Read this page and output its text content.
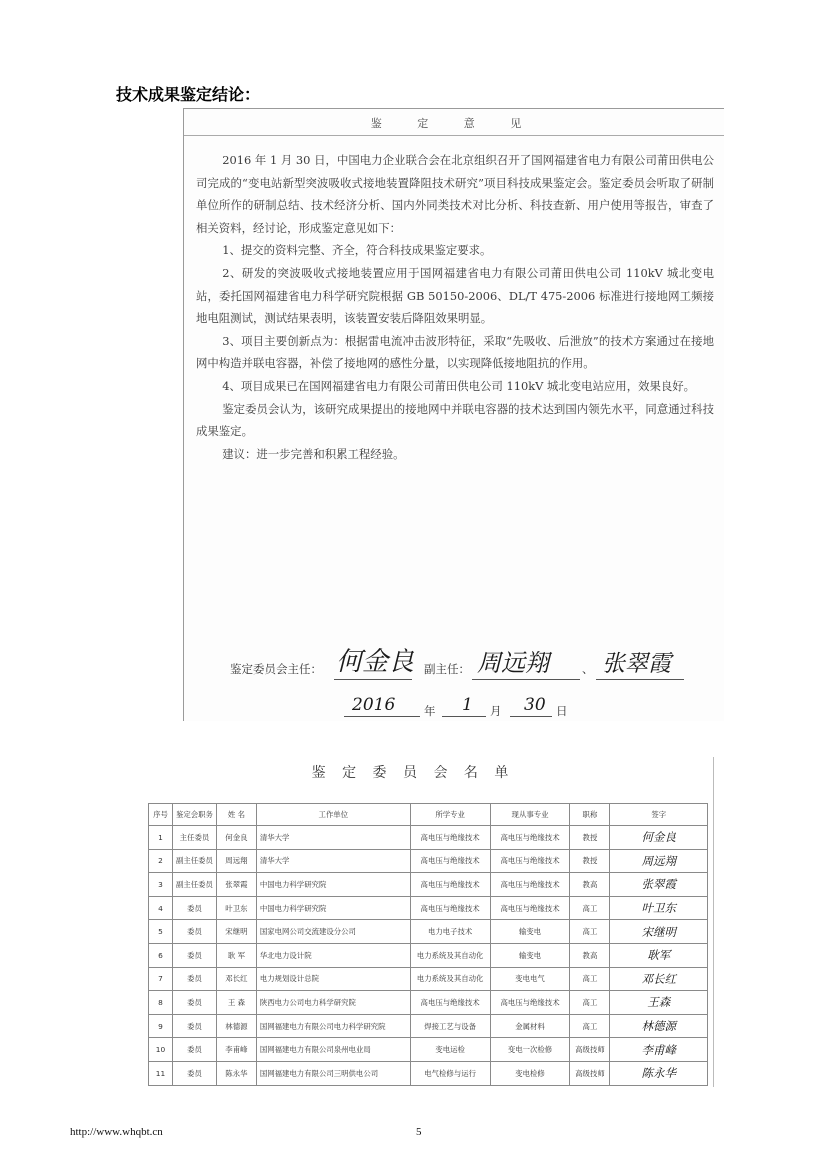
技术成果鉴定结论：
鉴 定 意 见

2016 年 1 月 30 日，中国电力企业联合会在北京组织召开了国网福建省电力有限公司莆田供电公司完成的“变电站新型突波吸收式接地装置降阻技术研究”项目科技成果鉴定会。鉴定委员会听取了研制单位所作的研制总结、技术经济分析、国内外同类技术对比分析、科技查新、用户使用等报告，审查了相关资料，经讨论，形成鉴定意见如下：

1、提交的资料完整、齐全，符合科技成果鉴定要求。

2、研发的突波吸收式接地装置应用于国网福建省电力有限公司莆田供电公司 110kV 城北变电站，委托国网福建省电力科学研究院根据 GB 50150-2006、DL/T 475-2006 标准进行接地网工频接地电阻测试，测试结果表明，该装置安装后降阻效果明显。

3、项目主要创新点为：根据雷电流冲击波形特征，采取“先吸收、后泄放”的技术方案通过在接地网中构造并联电容器，补偿了接地网的感性分量，以实现降低接地阻抗的作用。

4、项目成果已在国网福建省电力有限公司莆田供电公司 110kV 城北变电站应用，效果良好。

鉴定委员会认为，该研究成果提出的接地网中并联电容器的技术达到国内领先水平，同意通过科技成果鉴定。

建议：进一步完善和积累工程经验。

鉴定委员会主任： 何金良 副主任： 周远翔	、 张翠霞
2016 年 1 月 30 日
鉴 定 委 员 会 名 单
序号	鉴定会职务	姓 名	工作单位	所学专业	现从事专业	职称	签字
1	主任委员	何金良	清华大学	高电压与绝缘技术	高电压与绝缘技术	教授	何金良
2	副主任委员	周远翔	清华大学	高电压与绝缘技术	高电压与绝缘技术	教授	周远翔
3	副主任委员	张翠霞	中国电力科学研究院	高电压与绝缘技术	高电压与绝缘技术	教高	张翠霞
4	委员	叶卫东	中国电力科学研究院	高电压与绝缘技术	高电压与绝缘技术	高工	叶卫东
5	委员	宋继明	国家电网公司交流建设分公司	电力电子技术	输变电	高工	宋继明
6	委员	耿 军	华北电力设计院	电力系统及其自动化	输变电	教高	耿军
7	委员	邓长红	电力规划设计总院	电力系统及其自动化	变电电气	高工	邓长红
8	委员	王 森	陕西电力公司电力科学研究院	高电压与绝缘技术	高电压与绝缘技术	高工	王森
9	委员	林德源	国网福建电力有限公司电力科学研究院	焊接工艺与设备	金属材料	高工	林德源
10	委员	李甫峰	国网福建电力有限公司泉州电业局	变电运检	变电一次检修	高级技师	李甫峰
11	委员	陈永华	国网福建电力有限公司三明供电公司	电气检修与运行	变电检修	高级技师	陈永华
http://www.whqbt.cn	5
